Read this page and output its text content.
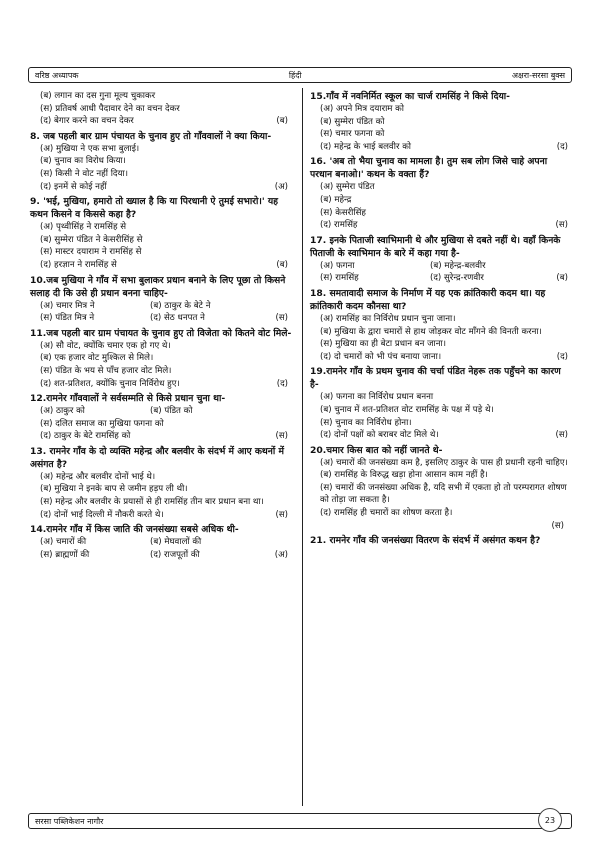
वरिष्ठ अध्यापक	हिंदी	अक्षरा-सरसा बुक्स
(ब) लगान का दस गुना मूल्य चुकाकर
(स) प्रतिवर्ष आधी पैदावार देने का वचन देकर
(द) बेगार करने का वचन देकर	(ब)
8. जब पहली बार ग्राम पंचायत के चुनाव हुए तो गाँववालों ने क्या किया-
(अ) मुखिया ने एक सभा बुलाई।
(ब) चुनाव का विरोध किया।
(स) किसी ने वोट नहीं दिया।
(द) इनमें से कोई नहीं	(अ)
9. 'भई, मुखिया, हमारो तो ख्याल है कि या पिरधानी ऐ तुमई सभारो।' यह कथन किसने व किससे कहा है?
(अ) पृथ्वीसिंह ने रामसिंह से
(ब) सुम्मेरा पंडित ने केसरीसिंह से
(स) मास्टर दयाराम ने रामसिंह से
(द) हरज्ञान ने रामसिंह से	(ब)
10.जब मुखिया ने गाँव में सभा बुलाकर प्रधान बनाने के लिए पूछा तो किसने सलाह दी कि उसे ही प्रधान बनना चाहिए-
(अ) चमार मित्र ने	(ब) ठाकुर के बेटे ने
(स) पंडित मित्र ने	(द) सेठ धनपत ने	(स)
11.जब पहली बार ग्राम पंचायत के चुनाव हुए तो विजेता को कितने वोट मिले-
(अ) सौ वोट, क्योंकि चमार एक हो गए थे।
(ब) एक हजार वोट मुश्किल से मिले।
(स) पंडित के भय से पाँच हजार वोट मिले।
(द) शत-प्रतिशत, क्योंकि चुनाव निर्विरोध हुए।	(द)
12.रामनेर गाँववालों ने सर्वसम्मति से किसे प्रधान चुना था-
(अ) ठाकुर को	(ब) पंडित को
(स) दलित समाज का मुखिया फगना को
(द) ठाकुर के बेटे रामसिंह को	(स)
13. रामनेर गाँव के दो व्यक्ति महेन्द्र और बलवीर के संदर्भ में आए कथनों में असंगत है?
(अ) महेन्द्र और बलवीर दोनों भाई थे।
(ब) मुखिया ने इनके बाप से जमीन हड़प ली थी।
(स) महेन्द्र और बलवीर के प्रयासों से ही रामसिंह तीन बार प्रधान बना था।
(द) दोनों भाई दिल्ली में नौकरी करते थे।	(स)
14.रामनेर गाँव में किस जाति की जनसंख्या सबसे अधिक थी-
(अ) चमारों की	(ब) मेघवालों की
(स) ब्राह्मणों की	(द) राजपूतों की	(अ)
15.गाँव में नवनिर्मित स्कूल का चार्ज रामसिंह ने किसे दिया-
(अ) अपने मित्र दयाराम को
(ब) सुम्मेरा पंडित को
(स) चमार फगना को
(द) महेन्द्र के भाई बलवीर को	(द)
16. 'अब तो भैया चुनाव का मामला है। तुम सब लोग जिसे चाहे अपना परधान बनाओ।' कथन के वक्ता हैं?
(अ) सुम्मेरा पंडित
(ब) महेन्द्र
(स) केसरीसिंह
(द) रामसिंह	(स)
17. इनके पिताजी स्वाभिमानी थे और मुखिया से दबते नहीं थे। वहाँ किनके पिताजी के स्वाभिमान के बारे में कहा गया है-
(अ) फगना	(ब) महेन्द्र-बलवीर
(स) रामसिंह	(द) सुरेन्द्र-रणवीर	(ब)
18. समतावादी समाज के निर्माण में यह एक क्रांतिकारी कदम था। यह क्रांतिकारी कदम कौनसा था?
(अ) रामसिंह का निर्विरोध प्रधान चुना जाना।
(ब) मुखिया के द्वारा चमारों से हाथ जोड़कर वोट माँगने की विनती करना।
(स) मुखिया का ही बेटा प्रधान बन जाना।
(द) दो चमारों को भी पंच बनाया जाना।	(द)
19.रामनेर गाँव के प्रथम चुनाव की चर्चा पंडित नेहरू तक पहुँचने का कारण है-
(अ) फगना का निर्विरोध प्रधान बनना
(ब) चुनाव में शत-प्रतिशत वोट रामसिंह के पक्ष में पड़े थे।
(स) चुनाव का निर्विरोध होना।
(द) दोनों पक्षों को बराबर वोट मिले थे।	(स)
20.चमार किस बात को नहीं जानते थे-
(अ) चमारों की जनसंख्या कम है, इसलिए ठाकुर के पास ही प्रधानी रहनी चाहिए।
(ब) रामसिंह के विरुद्ध खड़ा होना आसान काम नहीं है।
(स) चमारों की जनसंख्या अधिक है, यदि सभी में एकता हो तो परम्परागत शोषण को तोड़ा जा सकता है।
(द) रामसिंह ही चमारों का शोषण करता है।
(स)
21. रामनेर गाँव की जनसंख्या वितरण के संदर्भ में असंगत कथन है?
सरसा पब्लिकेशन नागौर	23
